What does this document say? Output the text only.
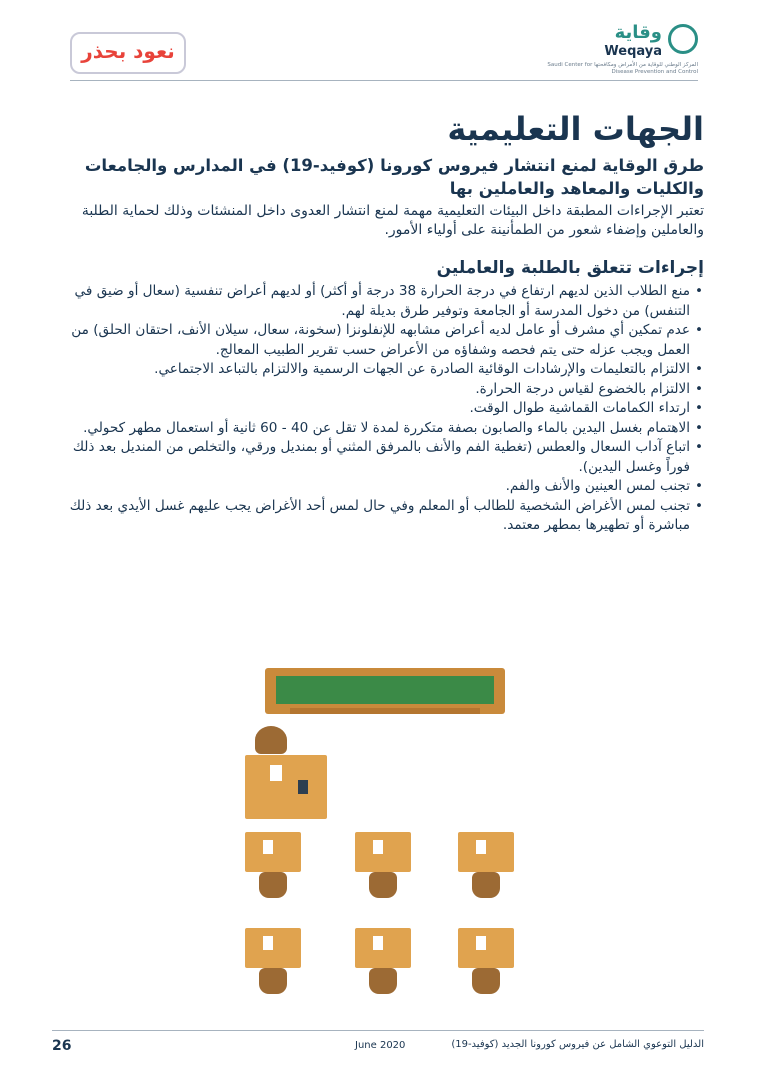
وقاية
Weqaya
المركز الوطني للوقاية من الأمراض ومكافحتها Saudi Center for Disease Prevention and Control
نعود بحذر
الجهات التعليمية

طرق الوقاية لمنع انتشار فيروس كورونا (كوفيد-19) في المدارس والجامعات والكليات والمعاهد والعاملين بها

تعتبر الإجراءات المطبقة داخل البيئات التعليمية مهمة لمنع انتشار العدوى داخل المنشئات وذلك لحماية الطلبة والعاملين وإضفاء شعور من الطمأنينة على أولياء الأمور.

إجراءات تتعلق بالطلبة والعاملين
• منع الطلاب الذين لديهم ارتفاع في درجة الحرارة 38 درجة أو أكثر) أو لديهم أعراض تنفسية (سعال أو ضيق في التنفس) من دخول المدرسة أو الجامعة وتوفير طرق بديلة لهم.
• عدم تمكين أي مشرف أو عامل لديه أعراض مشابهه للإنفلونزا (سخونة، سعال، سيلان الأنف، احتقان الحلق) من العمل ويجب عزله حتى يتم فحصه وشفاؤه من الأعراض حسب تقرير الطبيب المعالج.
• الالتزام بالتعليمات والإرشادات الوقائية الصادرة عن الجهات الرسمية والالتزام بالتباعد الاجتماعي.
• الالتزام بالخضوع لقياس درجة الحرارة.
• ارتداء الكمامات القماشية طوال الوقت.
• الاهتمام بغسل اليدين بالماء والصابون بصفة متكررة لمدة لا تقل عن 40 - 60 ثانية أو استعمال مطهر كحولي.
• اتباع آداب السعال والعطس (تغطية الفم والأنف بالمرفق المثني أو بمنديل ورقي، والتخلص من المنديل بعد ذلك فوراً وغسل اليدين).
• تجنب لمس العينين والأنف والفم.
• تجنب لمس الأغراض الشخصية للطالب أو المعلم وفي حال لمس أحد الأغراض يجب عليهم غسل الأيدي بعد ذلك مباشرة أو تطهيرها بمطهر معتمد.
26	June 2020	الدليل التوعوي الشامل عن فيروس كورونا الجديد (كوفيد-19)
